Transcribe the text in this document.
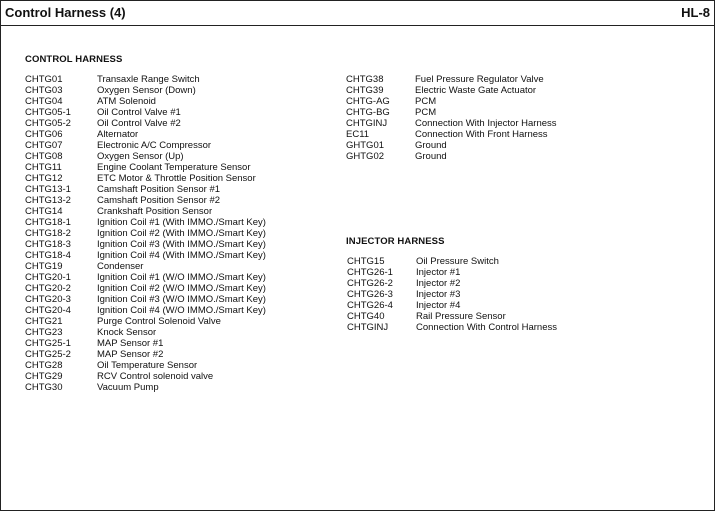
Control Harness (4)	HL-8
CONTROL HARNESS
CHTG01	Transaxle Range Switch
CHTG03	Oxygen Sensor (Down)
CHTG04	ATM Solenoid
CHTG05-1	Oil Control Valve #1
CHTG05-2	Oil Control Valve #2
CHTG06	Alternator
CHTG07	Electronic A/C Compressor
CHTG08	Oxygen Sensor (Up)
CHTG11	Engine Coolant Temperature Sensor
CHTG12	ETC Motor & Throttle Position Sensor
CHTG13-1	Camshaft Position Sensor #1
CHTG13-2	Camshaft Position Sensor #2
CHTG14	Crankshaft Position Sensor
CHTG18-1	Ignition Coil #1 (With IMMO./Smart Key)
CHTG18-2	Ignition Coil #2 (With IMMO./Smart Key)
CHTG18-3	Ignition Coil #3 (With IMMO./Smart Key)
CHTG18-4	Ignition Coil #4 (With IMMO./Smart Key)
CHTG19	Condenser
CHTG20-1	Ignition Coil #1 (W/O IMMO./Smart Key)
CHTG20-2	Ignition Coil #2 (W/O IMMO./Smart Key)
CHTG20-3	Ignition Coil #3 (W/O IMMO./Smart Key)
CHTG20-4	Ignition Coil #4 (W/O IMMO./Smart Key)
CHTG21	Purge Control Solenoid Valve
CHTG23	Knock Sensor
CHTG25-1	MAP Sensor #1
CHTG25-2	MAP Sensor #2
CHTG28	Oil Temperature Sensor
CHTG29	RCV Control solenoid valve
CHTG30	Vacuum Pump
CHTG38	Fuel Pressure Regulator Valve
CHTG39	Electric Waste Gate Actuator
CHTG-AG	PCM
CHTG-BG	PCM
CHTGINJ	Connection With Injector Harness
EC11	Connection With Front Harness
GHTG01	Ground
GHTG02	Ground
INJECTOR HARNESS
CHTG15	Oil Pressure Switch
CHTG26-1	Injector #1
CHTG26-2	Injector #2
CHTG26-3	Injector #3
CHTG26-4	Injector #4
CHTG40	Rail Pressure Sensor
CHTGINJ	Connection With Control Harness
